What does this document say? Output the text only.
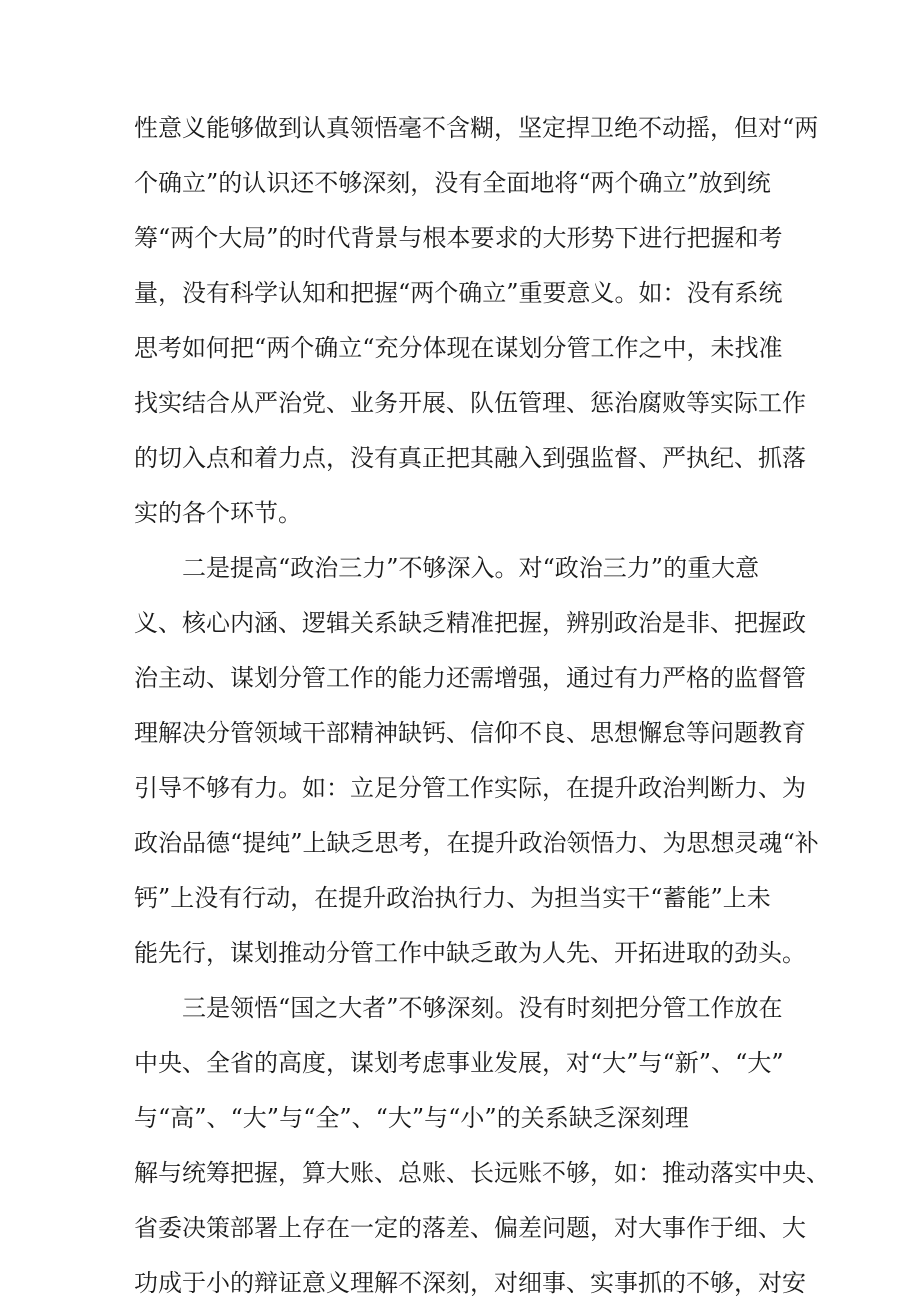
性意义能够做到认真领悟毫不含糊，坚定捍卫绝不动摇，但对“两
个确立”的认识还不够深刻，没有全面地将“两个确立”放到统
筹“两个大局”的时代背景与根本要求的大形势下进行把握和考
量，没有科学认知和把握“两个确立”重要意义。如：没有系统
思考如何把“两个确立“充分体现在谋划分管工作之中，未找准
找实结合从严治党、业务开展、队伍管理、惩治腐败等实际工作
的切入点和着力点，没有真正把其融入到强监督、严执纪、抓落
实的各个环节。
二是提高“政治三力”不够深入。对“政治三力”的重大意
义、核心内涵、逻辑关系缺乏精准把握，辨别政治是非、把握政
治主动、谋划分管工作的能力还需增强，通过有力严格的监督管
理解决分管领域干部精神缺钙、信仰不良、思想懈怠等问题教育
引导不够有力。如：立足分管工作实际，在提升政治判断力、为
政治品德“提纯”上缺乏思考，在提升政治领悟力、为思想灵魂“补
钙”上没有行动，在提升政治执行力、为担当实干“蓄能”上未
能先行，谋划推动分管工作中缺乏敢为人先、开拓进取的劲头。
三是领悟“国之大者”不够深刻。没有时刻把分管工作放在
中央、全省的高度，谋划考虑事业发展，对“大”与“新”、“大”
与“高”、“大”与“全”、“大”与“小”的关系缺乏深刻理
解与统筹把握，算大账、总账、长远账不够，如：推动落实中央、
省委决策部署上存在一定的落差、偏差问题，对大事作于细、大
功成于小的辩证意义理解不深刻，对细事、实事抓的不够，对安
